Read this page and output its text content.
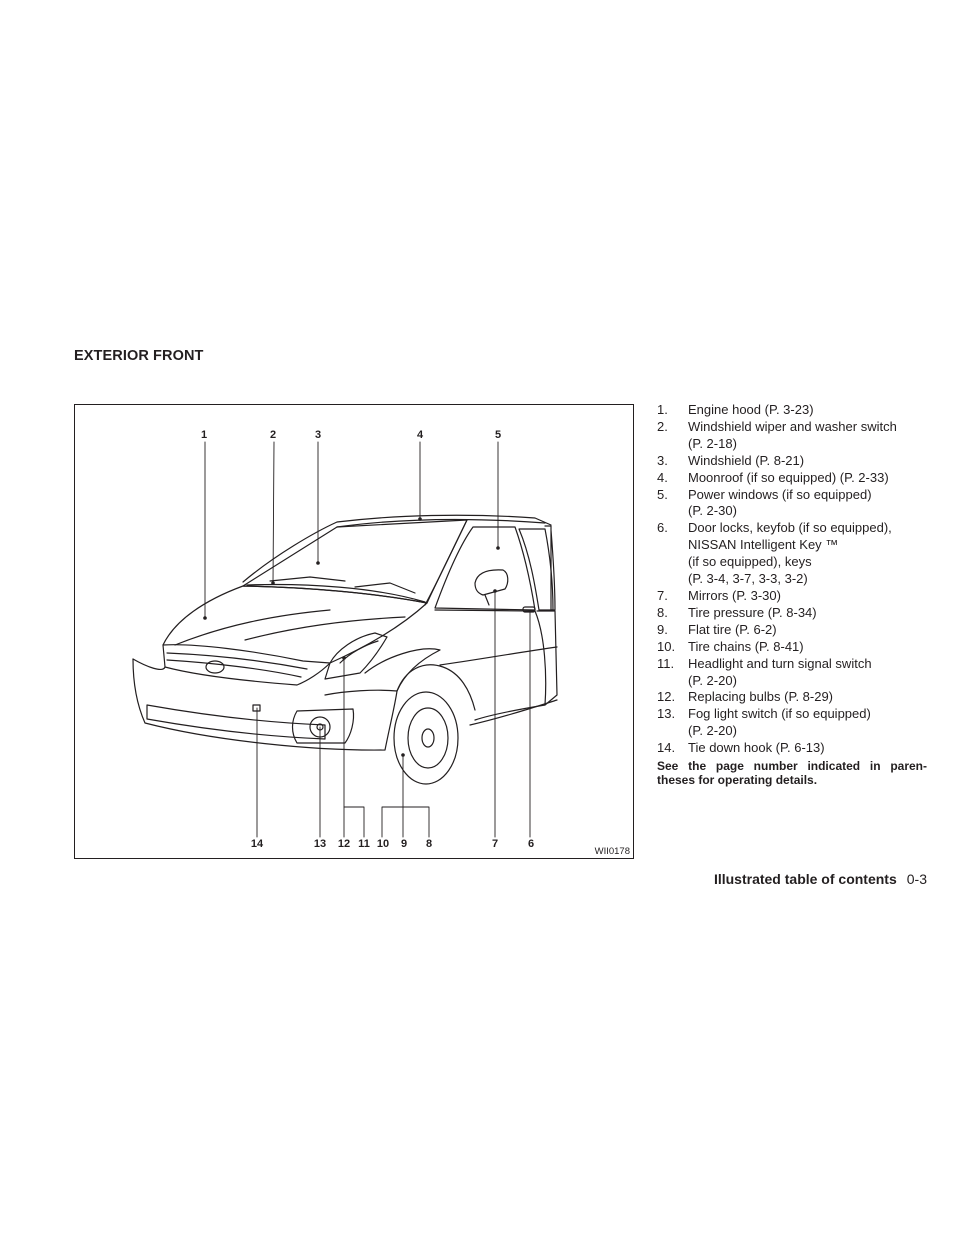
EXTERIOR FRONT
1	2	3	4	5
14	13 12 11 10 9 8	7	6
WII0178
1.	Engine hood (P. 3-23)
2.	Windshield wiper and washer switch
(P. 2-18)
3.	Windshield (P. 8-21)
4.	Moonroof (if so equipped) (P. 2-33)
5.	Power windows (if so equipped)
(P. 2-30)
6.	Door locks, keyfob (if so equipped),
NISSAN Intelligent Key ™
(if so equipped), keys
(P. 3-4, 3-7, 3-3, 3-2)
7.	Mirrors (P. 3-30)
8.	Tire pressure (P. 8-34)
9.	Flat tire (P. 6-2)
10. Tire chains (P. 8-41)
11.	Headlight and turn signal switch
(P. 2-20)
12. Replacing bulbs (P. 8-29)
13. Fog light switch (if so equipped)
(P. 2-20)
14. Tie down hook (P. 6-13)
See the page number indicated in paren- theses for operating details.
Illustrated table of contents 0-3
